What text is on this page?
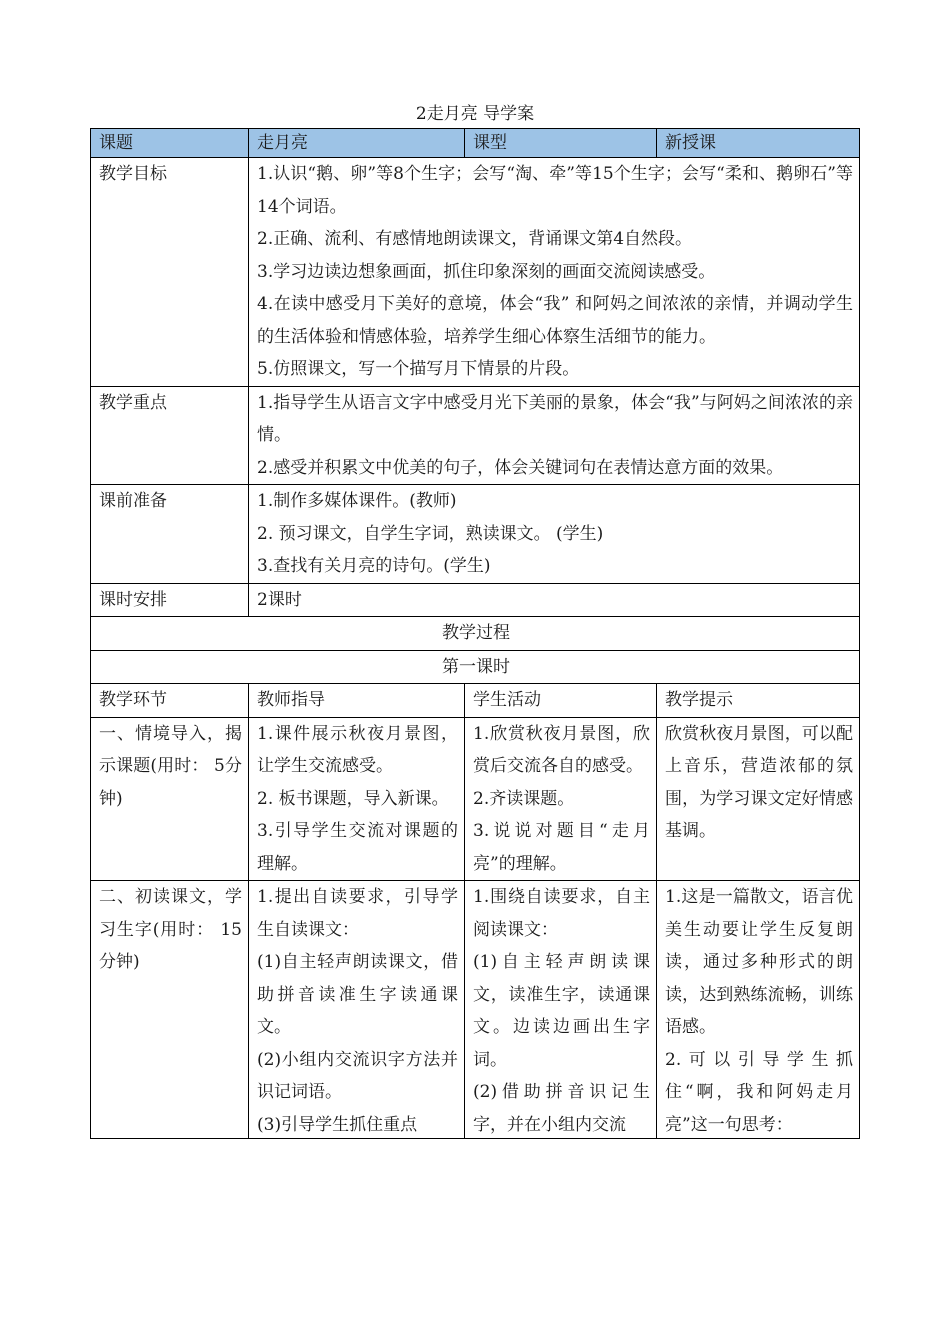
2走月亮 导学案
课题	走月亮	课型	新授课
教学目标	1.认识“鹅、卵”等8个生字；会写“淘、牵”等15个生字；会写“柔和、鹅卵石”等14个词语。
2.正确、流利、有感情地朗读课文，背诵课文第4自然段。
3.学习边读边想象画面，抓住印象深刻的画面交流阅读感受。
4.在读中感受月下美好的意境，体会“我” 和阿妈之间浓浓的亲情，并调动学生的生活体验和情感体验，培养学生细心体察生活细节的能力。
5.仿照课文，写一个描写月下情景的片段。		

教学重点	1.指导学生从语言文字中感受月光下美丽的景象，体会“我”与阿妈之间浓浓的亲情。
2.感受并积累文中优美的句子，体会关键词句在表情达意方面的效果。		

课前准备	1.制作多媒体课件。(教师)
2. 预习课文，自学生字词，熟读课文。 (学生)
3.查找有关月亮的诗句。(学生)		

课时安排	2课时		
教学过程			
第一课时			
教学环节	教师指导	学生活动	教学提示
一、情境导入，揭示课题(用时： 5分钟)	1.课件展示秋夜月景图，让学生交流感受。
2. 板书课题，导入新课。
3.引导学生交流对课题的理解。	1.欣赏秋夜月景图，欣赏后交流各自的感受。
2.齐读课题。
3.说说对题目“走月亮”的理解。	欣赏秋夜月景图，可以配上音乐，营造浓郁的氛围，为学习课文定好情感基调。

二、初读课文，学习生字(用时： 15分钟)	1.提出自读要求，引导学生自读课文：
(1)自主轻声朗读课文，借助拼音读准生字读通课文。
(2)小组内交流识字方法并识记词语。
(3)引导学生抓住重点	1.围绕自读要求，自主阅读课文：
(1)自主轻声朗读课文，读准生字，读通课文。边读边画出生字词。
(2)借助拼音识记生字，并在小组内交流	1.这是一篇散文，语言优美生动要让学生反复朗读，通过多种形式的朗读，达到熟练流畅，训练语感。
2.可以引导学生抓住“啊，我和阿妈走月亮”这一句思考：
